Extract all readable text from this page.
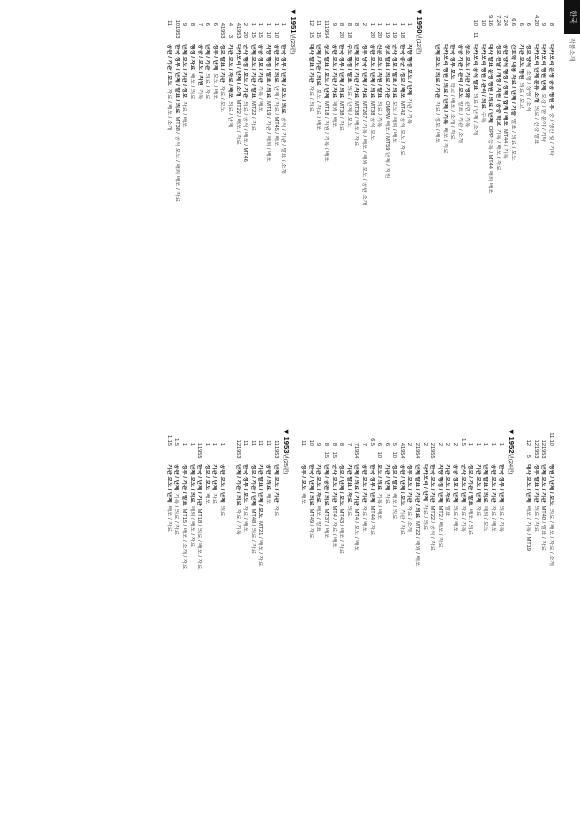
한국
작품소개
8
다카모리 운영 공공 병원 후
중 / 생산 및 / 기타
9
다카모리 병원 단체
보강 / 한 분야 / 기타
4.20
다카모리 단체 분류 소개
의료 / 건강 발표
6
정보 양식
소형 / 상영 / 소식
6
기관 보도 병원
의료 / 보고
6.6
간호학 내용 자료 / 단체 / 기술
발표 / 의료 / 보도
7.24
공판 양식 행정 / 정책 / 합계 / 배포
MT44 / 기록
7.24
정보 전달 / 개정 / 지원 / 공중 학교
기록 / 배포 / 자료
9.16
대사 발표 운영 병원 / 의료 / 단체
OPP 등록 / MT44 해외 배포
10
다카모리 병원 / 관리 / 의료
수록
10
11
다카모리 공식 발표
의료 / 단체 / 소개
장소 보도 / 기관 / 영화
관련 / 기록
공공 기관 / 관리 / 보도
발표 / 기관 / 소개
한국 정부 보도
학교 / 배포 / 소개 / 자료
다카모리 병원 / 의료 / 단체 / 기록
배포 / 자료
단체 보도 / 의료 / 기관
자료 / 정보 / 배포
▼1950년(12편)
1
지방 행정 보도 / 단체
기관 / 기록
1
18
한국 종군 / 정보 / 배포
MT42 공식 보도 / 자료
1
19
군사 정보 / 발표 / 의료
보도 / 해외 / 배포
1
19
장교 발표 / 의료 / 기관
OMPW 배포 / MT59 단체 / 지원
1
20
신문 보도 / 지원 / 발표
의료 / 기록
1
20
공판 보도 / 단체 / 의료
MT38 공식 보도
2
정부 당국 / 단체 / 자료
MT267 / 기록 / 배포 / 해외 보도 / 공판 소개
8
단체 보도 / 기관 / 자료
MT38 / 배포 / 자료
8
18
수도 행정 / 발표
의료 / 단체 / 보도
8
20
한국 정부 / 단체 / 의료
MT38 / 자료
9
공판 보도 / 기관 / 자료
해외 / 배포
11
1954
장교 발표 / 보도 / 단체
MT18 / 지원 / 기록 / 배포
11
15
단체 / 기관 / 의료
보도 / 자료 / 배포
12
15
대사 발표 / 기관
자료 / 의료
▼1951년(23편)
1
한국 정부 / 단체 / 보도 / 의료
공식 / 기관 / 발표 / 소개
1
10
공판 보도 / 의료
단체 / 자료 / MT45 / 배포
1
10
지방 행정 / 발표 / 의료
MT19 / 기관 / 해외 / 배포
1
15
공공 정보 / 기관
기록 / 배포
1
15
단체 보도 / 기관 / 발표
MT22 / 자료
2
20
군사 행정 / 보도 / 기관
의료 / 공식 / 배포 / MT46
4
1953
다카모리 / 단체 / 소개
MT22 / 배포 / 자료
4
3
기관 보도 / 자료 / 배포
의료 / 단체
4
1953
정보 발표 / 기관
자료 / 보도
6
정부 / 단체
보도 / 배포
6
단체 / 기관
의료 / 자료
7
공공 / 보도 / 지원
기록
8
행정 / 자료
배포 / 의료
9
단체 보도 / 기관 / 정보
자료 / 배포
10
1953
한국 정부 / 단체 / 발표 / 의료
MT38 / 공식 보도 / 해외 배포 / 자료
11
공판 / 기관 / 보도
자료 / 배포 / 소개
11.10
병원 / 단체 / 보도
의료 / 배포 / 자료 / 소개
12
1953
단체 보도 / 기관
MT40 / 발표 / 자료
12
1953
정부 발표 / 기관
의료 / 자료
12
5
대사 보도 / 단체
배포 / 기록 / MT19
▼1952년(24편)
1
한국 정부 / 단체
의료 / 기록
1
공판 보도 / 기관
자료 / 배포
1
단체 발표 / 의료
해외 / 보도
1
기관 보도 / 단체
자료
1
정보 / 기관 / 발표
배포 / 의료
1.5
군사 보도 / 단체
자료 / 기록
2
공공 정보 / 단체
의료 / 배포
2
기관 보도 / 자료
발표
2
지방 행정 / 단체
MT2 / 배포 / 자료
2
1955
한국 보도 / 기관
MT22 / 공식 / 자료
2
다카모리 / 단체
자료 / 의료
2
1954
단체 발표 / 기관 / 의료
MT22 / 해외 / 배포
2
정부 보도 / 기관
자료 / 소개
4
1954
공판 / 단체 / 보도
기관 / 자료
5
10
정보 / 발표
배포 / 의료
6
기관 / 단체
자료
6
10
보도 / 의료
기록 / 배포
6.5
한국 정부 / 단체
MT44 / 자료
7
공판 보도 / 기관
자료 / 배포
7
1954
단체 / 의료 / 기관
MT4 / 보도 / 배포
7
기관 발표 / 자료
의료
8
정보 / 단체 / 보도
MT43 / 배포 / 자료
8
15
군사 보도 / 기관
MT4 / 자료 / 배포
8
15
단체 / 공판 / 의료
MT37 / 배포
9
기관 보도 / 자료
배포 / 발표
10
한국 / 단체 / 의료
MT49 / 자료
11
정부 / 보도
배포
▼1953년(25편)
11
1953
단체 보도 / 기관
자료
11
공판 / 의료
배포
11
기관 발표 / 단체 / 보도
MT21 / 배포 / 자료
11
정보 / 기관 / 단체
MT48 / 의료 / 자료
11
한국 정부 / 보도
자료 / 배포
12
1953
단체 / 기관 / 의료
자료 / 기록
1
공판 보도 / 단체
의료
1
기관 / 단체
자료
1
정보 / 보도
배포
1
1955
한국 / 단체 / 기관
MT18 / 의료 / 배포 / 자료
1
단체 보도 / 의료
해외 / 배포 / 자료
1
정부 / 기관 / 발표
MT15 / 배포 / 소개 / 자료
1.5
공판 / 단체
기록 / 의료 / 자료
1.15
기관 보도 / 단체
배포 / 자료
